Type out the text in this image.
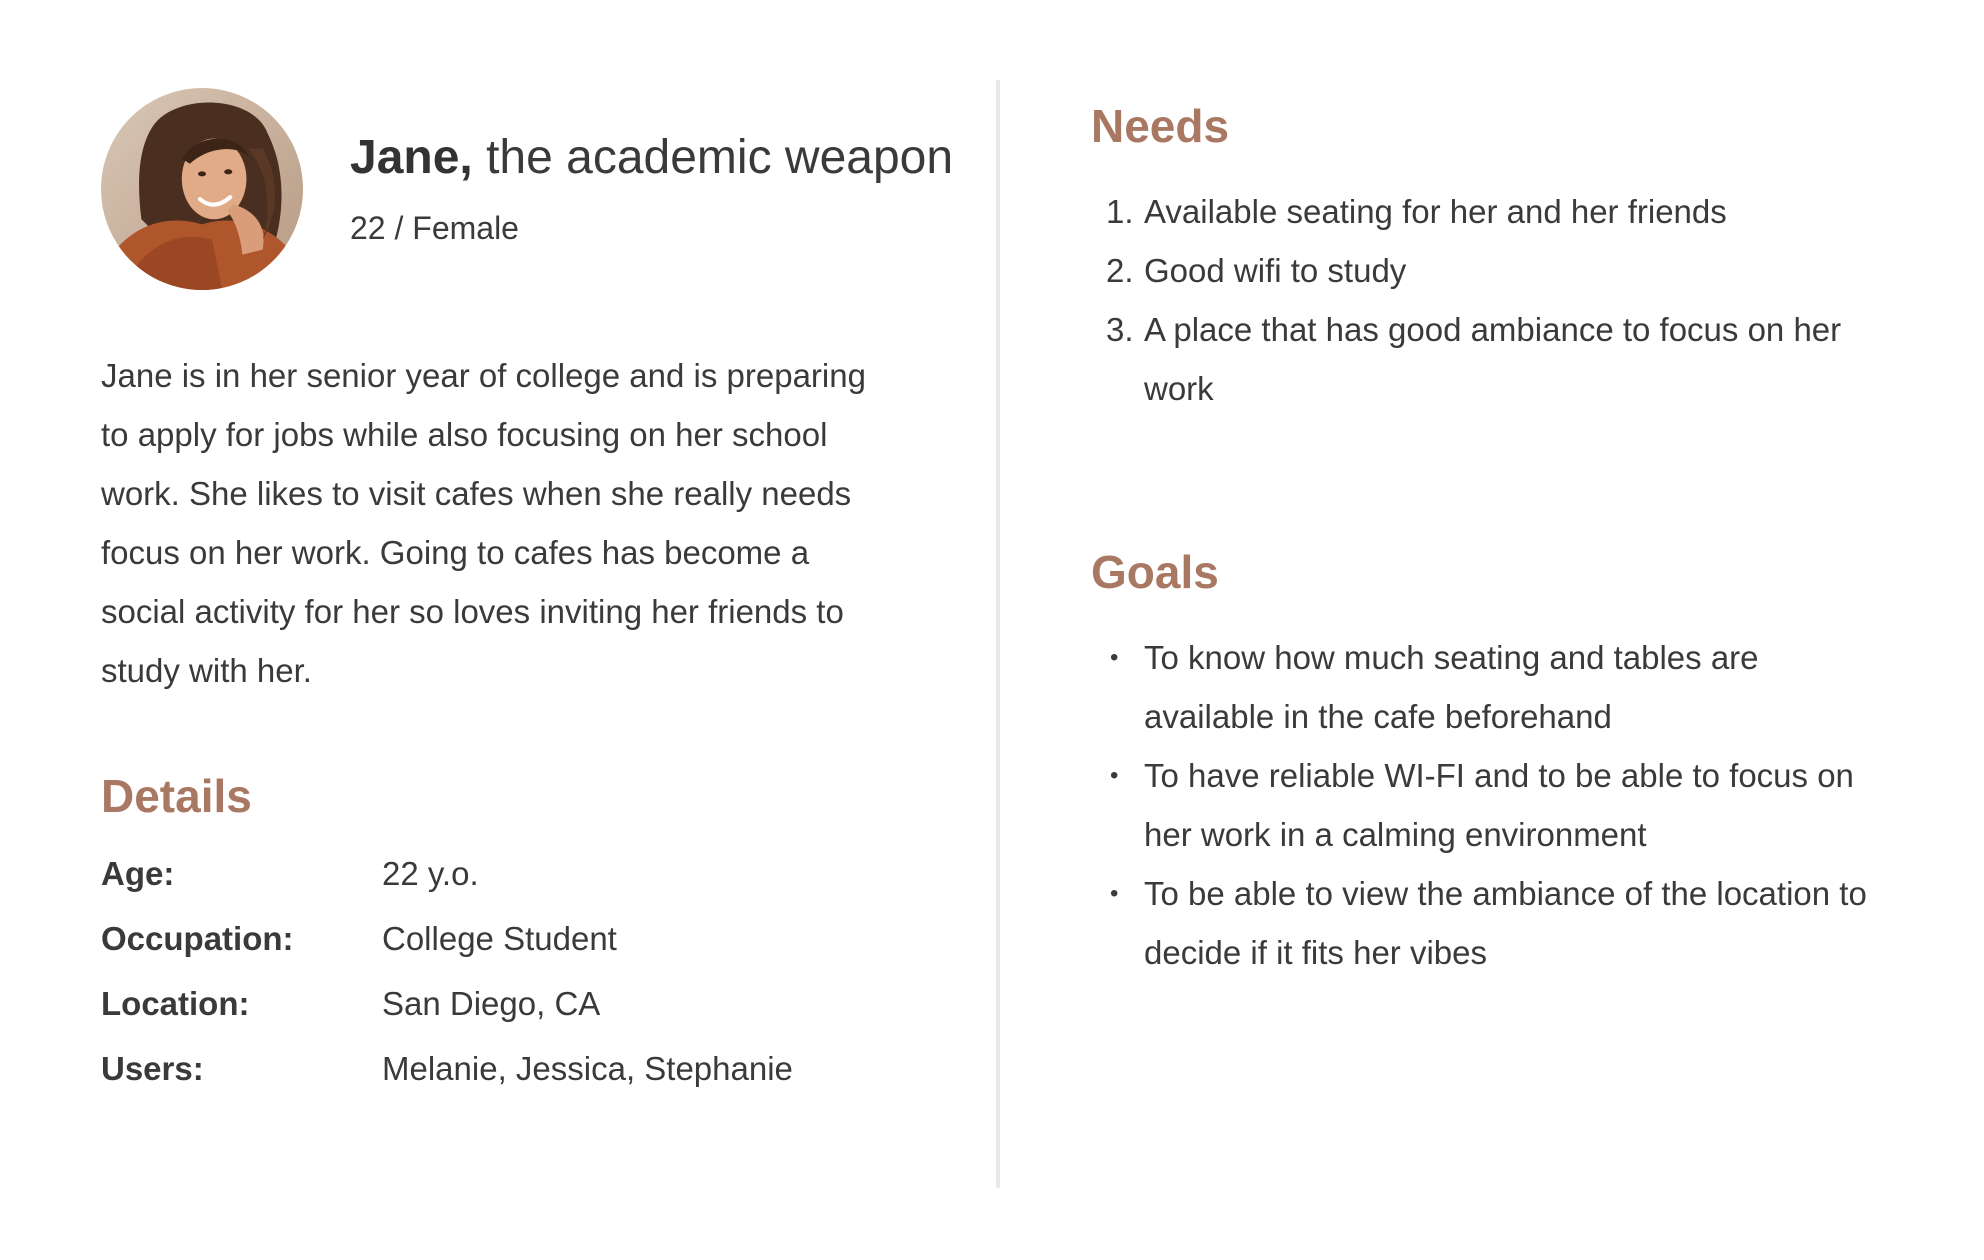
Jane, the academic weapon
22 / Female

Jane is in her senior year of college and is preparing to apply for jobs while also focusing on her school work. She likes to visit cafes when she really needs focus on her work. Going to cafes has become a social activity for her so loves inviting her friends to study with her.

Details
Age:	22 y.o.
Occupation:	College Student
Location:	San Diego, CA
Users:	Melanie, Jessica, Stephanie
Needs
1. Available seating for her and her friends
2. Good wifi to study
3. A place that has good ambiance to focus on her work
Goals
• To know how much seating and tables are available in the cafe beforehand
• To have reliable WI-FI and to be able to focus on her work in a calming environment
• To be able to view the ambiance of the location to decide if it fits her vibes
